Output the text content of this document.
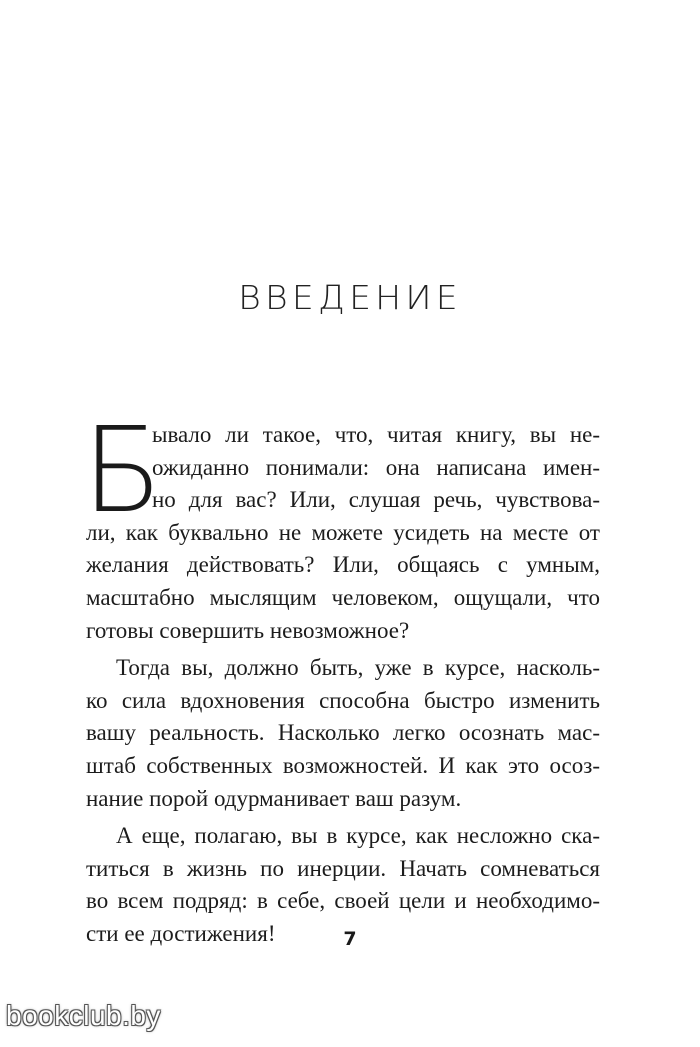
ВВЕДЕНИЕ
Б
ывало ли такое, что, читая книгу, вы не-
ожиданно понимали: она написана имен-
но для вас? Или, слушая речь, чувствова-
ли, как буквально не можете усидеть на месте от
желания действовать? Или, общаясь с умным,
масштабно мыслящим человеком, ощущали, что
готовы совершить невозможное?
Тогда вы, должно быть, уже в курсе, насколь-
ко сила вдохновения способна быстро изменить
вашу реальность. Насколько легко осознать мас-
штаб собственных возможностей. И как это осоз-
нание порой одурманивает ваш разум.
А еще, полагаю, вы в курсе, как несложно ска-
титься в жизнь по инерции. Начать сомневаться
во всем подряд: в себе, своей цели и необходимо-
сти ее достижения!	7
bookclub.by
